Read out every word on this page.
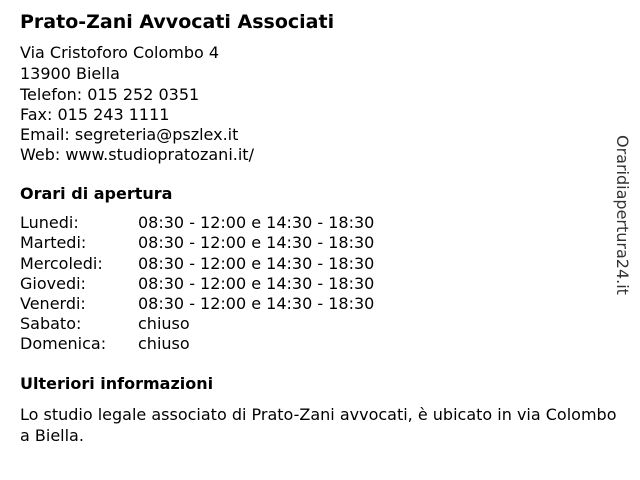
Prato-Zani Avvocati Associati
Via Cristoforo Colombo 4
13900 Biella
Telefon: 015 252 0351
Fax: 015 243 1111
Email: segreteria@pszlex.it
Web: www.studiopratozani.it/
Orari di apertura
Lunedi:	08:30 - 12:00 e 14:30 - 18:30
Martedi:	08:30 - 12:00 e 14:30 - 18:30
Mercoledi: 08:30 - 12:00 e 14:30 - 18:30
Giovedi:	08:30 - 12:00 e 14:30 - 18:30
Venerdi:	08:30 - 12:00 e 14:30 - 18:30
Sabato:	chiuso
Domenica: chiuso
Ulteriori informazioni
Lo studio legale associato di Prato-Zani avvocati, è ubicato in via Colombo a Biella.
Oraridiapertura24.it
